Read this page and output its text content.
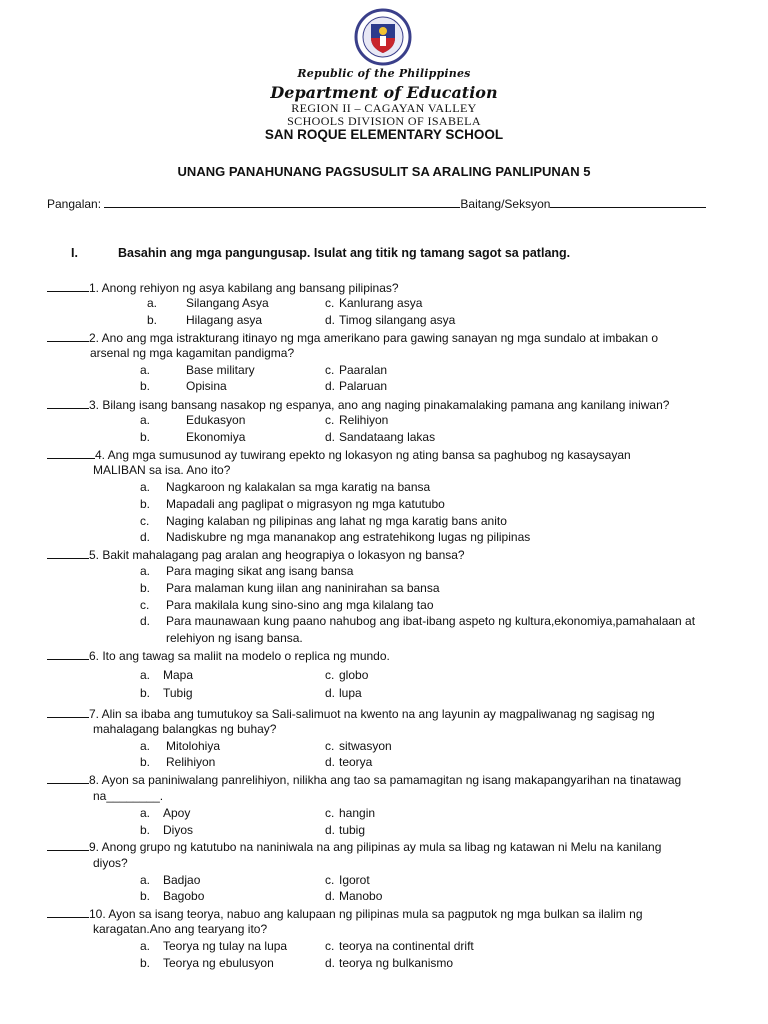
Republic of the Philippines
Department of Education
REGION II – CAGAYAN VALLEY
SCHOOLS DIVISION OF ISABELA
SAN ROQUE ELEMENTARY SCHOOL
UNANG PANAHUNANG PAGSUSULIT SA ARALING PANLIPUNAN 5
Pangalan:	Baitang/Seksyon
I.	Basahin ang mga pangungusap. Isulat ang titik ng tamang sagot sa patlang.
1. Anong rehiyon ng asya kabilang ang bansang pilipinas?
a. Silangang Asya	c. Kanlurang asya
b. Hilagang asya	d. Timog silangang asya
2. Ano ang mga istrakturang itinayo ng mga amerikano para gawing sanayan ng mga sundalo at imbakan o
arsenal ng mga kagamitan pandigma?
a.	Base military	c. Paaralan
b.	Opisina	d. Palaruan
3. Bilang isang bansang nasakop ng espanya, ano ang naging pinakamalaking pamana ang kanilang iniwan?
a.	Edukasyon	c. Relihiyon
b.	Ekonomiya	d. Sandataang lakas
4. Ang mga sumusunod ay tuwirang epekto ng lokasyon ng ating bansa sa paghubog ng kasaysayan
MALIBAN sa isa. Ano ito?
a. Nagkaroon ng kalakalan sa mga karatig na bansa
b. Mapadali ang paglipat o migrasyon ng mga katutubo
c. Naging kalaban ng pilipinas ang lahat ng mga karatig bans anito
d. Nadiskubre ng mga mananakop ang estratehikong lugas ng pilipinas
5. Bakit mahalagang pag aralan ang heograpiya o lokasyon ng bansa?
a. Para maging sikat ang isang bansa
b. Para malaman kung iilan ang naninirahan sa bansa
c. Para makilala kung sino-sino ang mga kilalang tao
d. Para maunawaan kung paano nahubog ang ibat-ibang aspeto ng kultura,ekonomiya,pamahalaan at
relehiyon ng isang bansa.
6. Ito ang tawag sa maliit na modelo o replica ng mundo.
a. Mapa	c. globo
b. Tubig	d. lupa
7. Alin sa ibaba ang tumutukoy sa Sali-salimuot na kwento na ang layunin ay magpaliwanag ng sagisag ng
mahalagang balangkas ng buhay?
a. Mitolohiya	c. sitwasyon
b. Relihiyon	d. teorya
8. Ayon sa paniniwalang panrelihiyon, nilikha ang tao sa pamamagitan ng isang makapangyarihan na tinatawag
na________.
a. Apoy	c. hangin
b. Diyos	d. tubig
9. Anong grupo ng katutubo na naniniwala na ang pilipinas ay mula sa libag ng katawan ni Melu na kanilang
diyos?
a. Badjao	c. Igorot
b. Bagobo	d. Manobo
10. Ayon sa isang teorya, nabuo ang kalupaan ng pilipinas mula sa pagputok ng mga bulkan sa ilalim ng
karagatan.Ano ang tearyang ito?
a. Teorya ng tulay na lupa	c. teorya na continental drift
b. Teorya ng ebulusyon	d. teorya ng bulkanismo
